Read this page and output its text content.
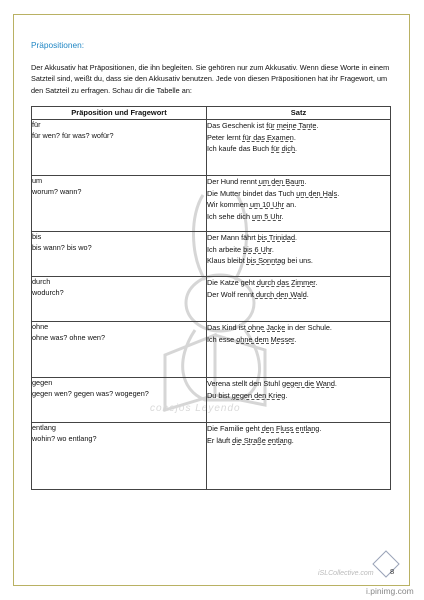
Präpositionen:
Der Akkusativ hat Präpositionen, die ihn begleiten. Sie gehören nur zum Akkusativ. Wenn diese Worte in einem Satzteil sind, weißt du, dass sie den Akkusativ benutzen. Jede von diesen Präpositionen hat ihr Fragewort, um den Satzteil zu erfragen. Schau dir die Tabelle an:
conejos Leyendo
Präposition und Fragewort	Satz

für
für wen? für was? wofür?	Das Geschenk ist für meine Tante.
Peter lernt für das Examen.
Ich kaufe das Buch für dich.

um
worum? wann?	Der Hund rennt um den Baum.
Die Mutter bindet das Tuch um den Hals.
Wir kommen um 10 Uhr an.
Ich sehe dich um 5 Uhr.

bis
bis wann? bis wo?	Der Mann fährt bis Trinidad.
Ich arbeite bis 6 Uhr.
Klaus bleibt bis Sonntag bei uns.

durch
wodurch?	Die Katze geht durch das Zimmer.
Der Wolf rennt durch den Wald.

ohne
ohne was? ohne wen?	Das Kind ist ohne Jacke in der Schule.
Ich esse ohne dem Messer.

gegen
gegen wen? gegen was? wogegen?	Verena stellt den Stuhl gegen die Wand.
Du bist gegen den Krieg.

entlang
wohin? wo entlang?	Die Familie geht den Fluss entlang.
Er läuft die Straße entlang.
iSLCollective.com 8
i.pinimg.com
